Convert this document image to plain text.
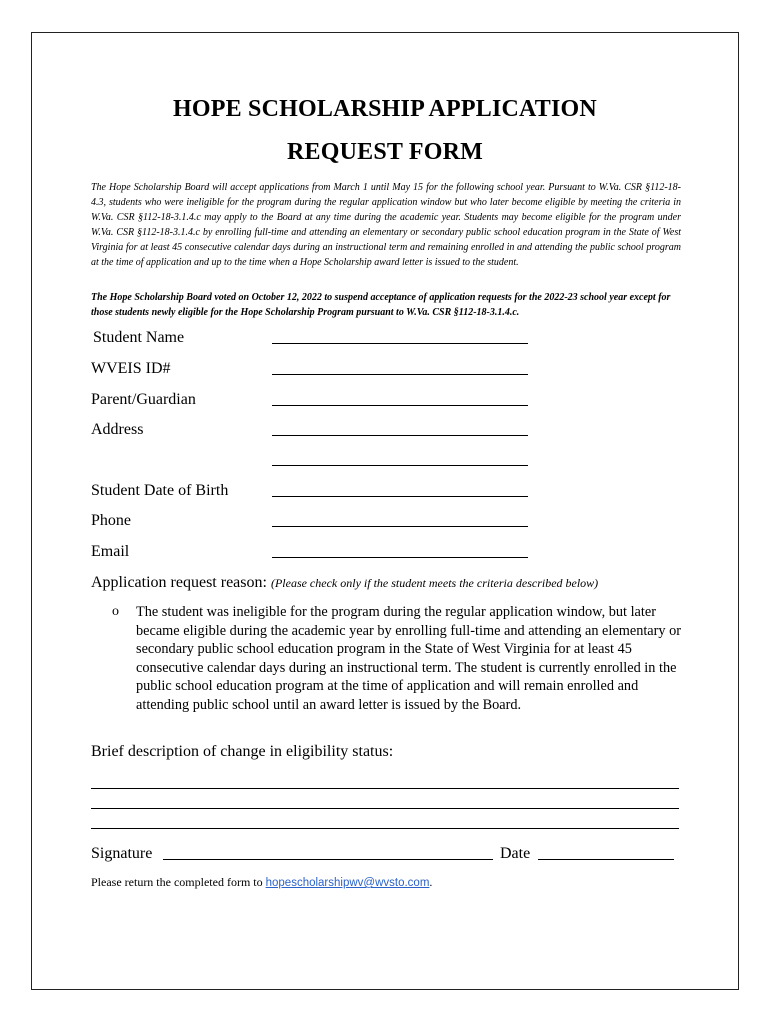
HOPE SCHOLARSHIP APPLICATION
REQUEST FORM
The Hope Scholarship Board will accept applications from March 1 until May 15 for the following school year. Pursuant to W.Va. CSR §112-18-4.3, students who were ineligible for the program during the regular application window but who later become eligible by meeting the criteria in W.Va. CSR §112-18-3.1.4.c may apply to the Board at any time during the academic year. Students may become eligible for the program under W.Va. CSR §112-18-3.1.4.c by enrolling full-time and attending an elementary or secondary public school education program in the State of West Virginia for at least 45 consecutive calendar days during an instructional term and remaining enrolled in and attending the public school program at the time of application and up to the time when a Hope Scholarship award letter is issued to the student.
The Hope Scholarship Board voted on October 12, 2022 to suspend acceptance of application requests for the 2022-23 school year except for those students newly eligible for the Hope Scholarship Program pursuant to W.Va. CSR §112-18-3.1.4.c.
Student Name
WVEIS ID#
Parent/Guardian
Address
Student Date of Birth
Phone
Email
Application request reason: (Please check only if the student meets the criteria described below)
o The student was ineligible for the program during the regular application window, but later became eligible during the academic year by enrolling full-time and attending an elementary or secondary public school education program in the State of West Virginia for at least 45 consecutive calendar days during an instructional term. The student is currently enrolled in the public school education program at the time of application and will remain enrolled and attending public school until an award letter is issued by the Board.
Brief description of change in eligibility status:
Signature	Date
Please return the completed form to hopescholarshipwv@wvsto.com.
